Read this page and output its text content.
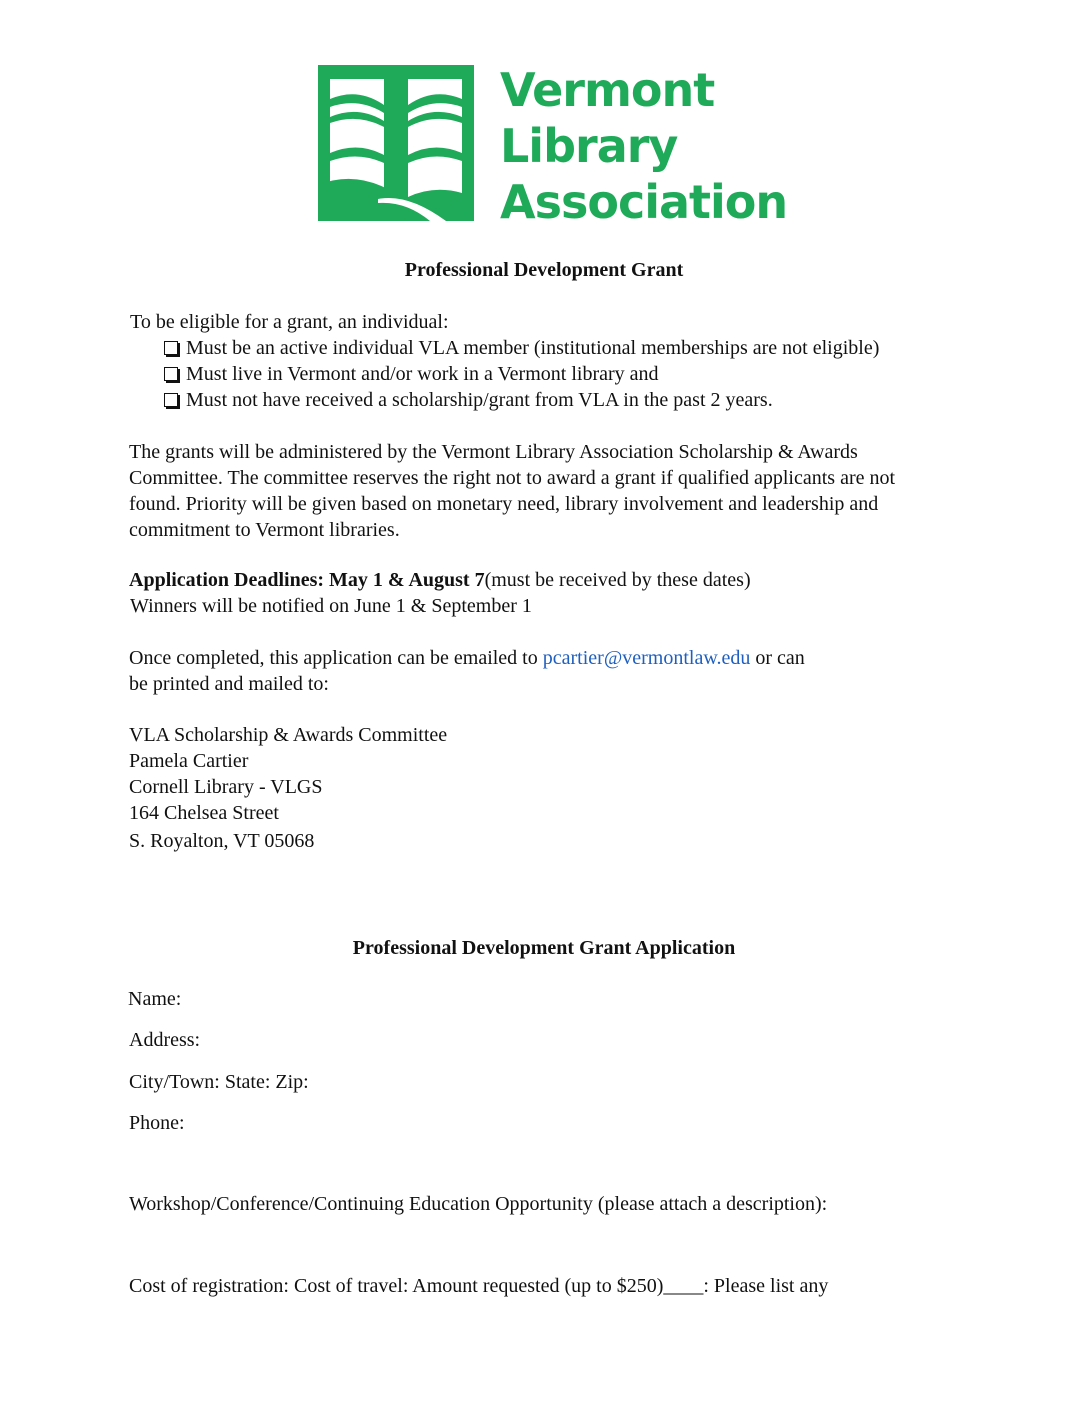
Vermont
Library
Association
Professional Development Grant
To be eligible for a grant, an individual:
Must be an active individual VLA member (institutional memberships are not eligible)
Must live in Vermont and/or work in a Vermont library and
Must not have received a scholarship/grant from VLA in the past 2 years.
The grants will be administered by the Vermont Library Association Scholarship & Awards
Committee. The committee reserves the right not to award a grant if qualified applicants are not
found. Priority will be given based on monetary need, library involvement and leadership and
commitment to Vermont libraries.
Application Deadlines: May 1 & August 7(must be received by these dates)
Winners will be notified on June 1 & September 1
Once completed, this application can be emailed to pcartier@vermontlaw.edu or can
be printed and mailed to:
VLA Scholarship & Awards Committee
Pamela Cartier
Cornell Library - VLGS
164 Chelsea Street
S. Royalton, VT 05068
Professional Development Grant Application
Name:
Address:
City/Town: State: Zip:
Phone:
Workshop/Conference/Continuing Education Opportunity (please attach a description):
Cost of registration: Cost of travel: Amount requested (up to $250)____: Please list any
